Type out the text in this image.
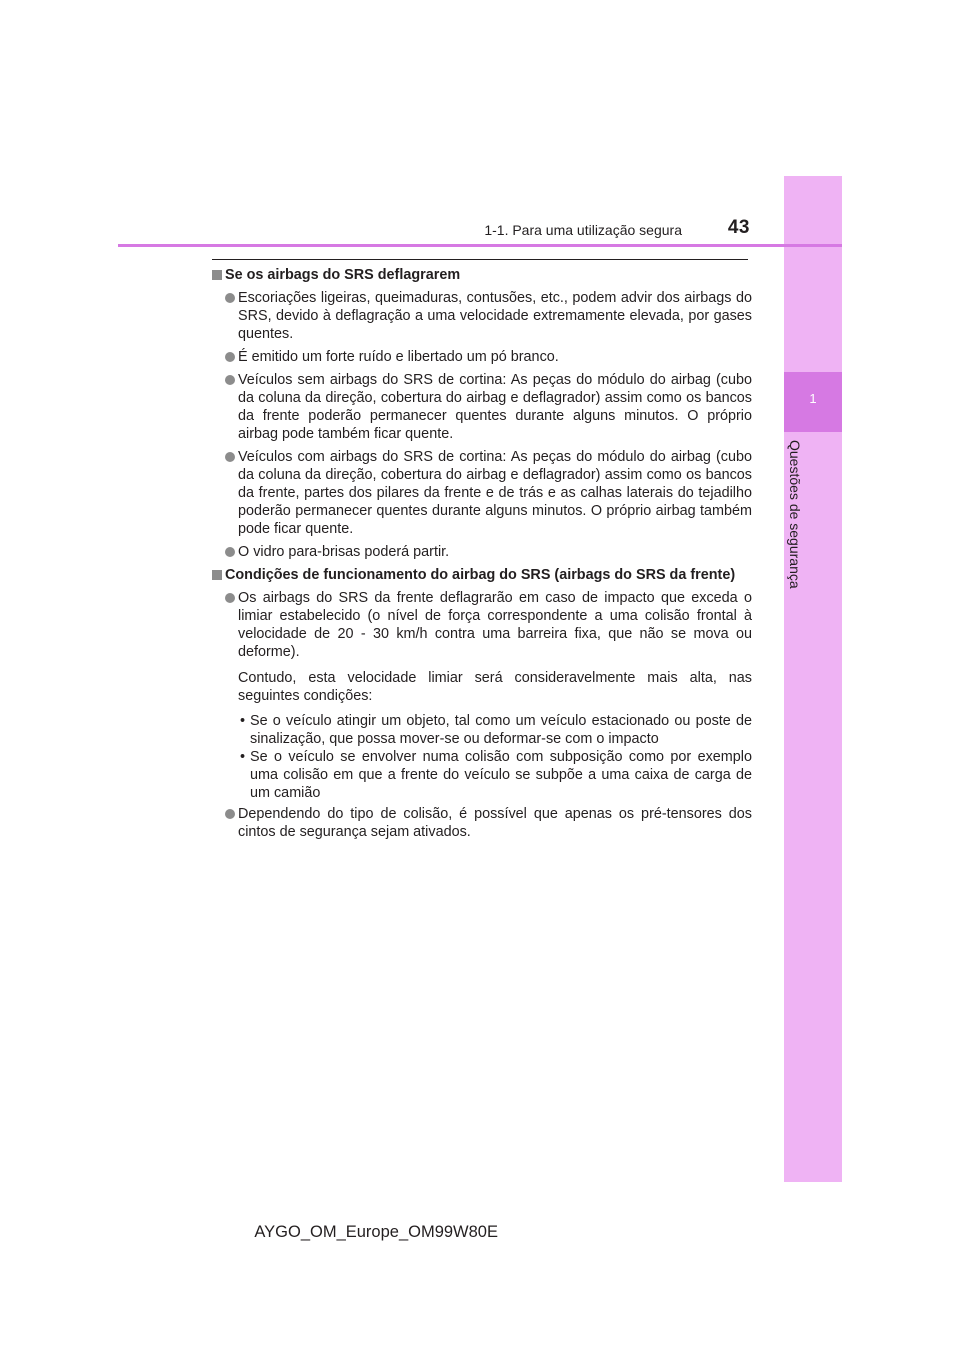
1
Questões de segurança
1-1. Para uma utilização segura	43
Se os airbags do SRS deflagrarem
Escoriações ligeiras, queimaduras, contusões, etc., podem advir dos airbags do SRS, devido à deflagração a uma velocidade extremamente elevada, por gases quentes.
É emitido um forte ruído e libertado um pó branco.
Veículos sem airbags do SRS de cortina: As peças do módulo do airbag (cubo da coluna da direção, cobertura do airbag e deflagrador) assim como os bancos da frente poderão permanecer quentes durante alguns minutos. O próprio airbag pode também ficar quente.
Veículos com airbags do SRS de cortina: As peças do módulo do airbag (cubo da coluna da direção, cobertura do airbag e deflagrador) assim como os bancos da frente, partes dos pilares da frente e de trás e as calhas laterais do tejadilho poderão permanecer quentes durante alguns minutos. O próprio airbag também pode ficar quente.
O vidro para-brisas poderá partir.
Condições de funcionamento do airbag do SRS (airbags do SRS da frente)
Os airbags do SRS da frente deflagrarão em caso de impacto que exceda o limiar estabelecido (o nível de força correspondente a uma colisão frontal à velocidade de 20 - 30 km/h contra uma barreira fixa, que não se mova ou deforme).
Contudo, esta velocidade limiar será consideravelmente mais alta, nas seguintes condições:
• Se o veículo atingir um objeto, tal como um veículo estacionado ou poste de sinalização, que possa mover-se ou deformar-se com o impacto
• Se o veículo se envolver numa colisão com subposição como por exemplo uma colisão em que a frente do veículo se subpõe a uma caixa de carga de um camião
Dependendo do tipo de colisão, é possível que apenas os pré-tensores dos cintos de segurança sejam ativados.
AYGO_OM_Europe_OM99W80E
